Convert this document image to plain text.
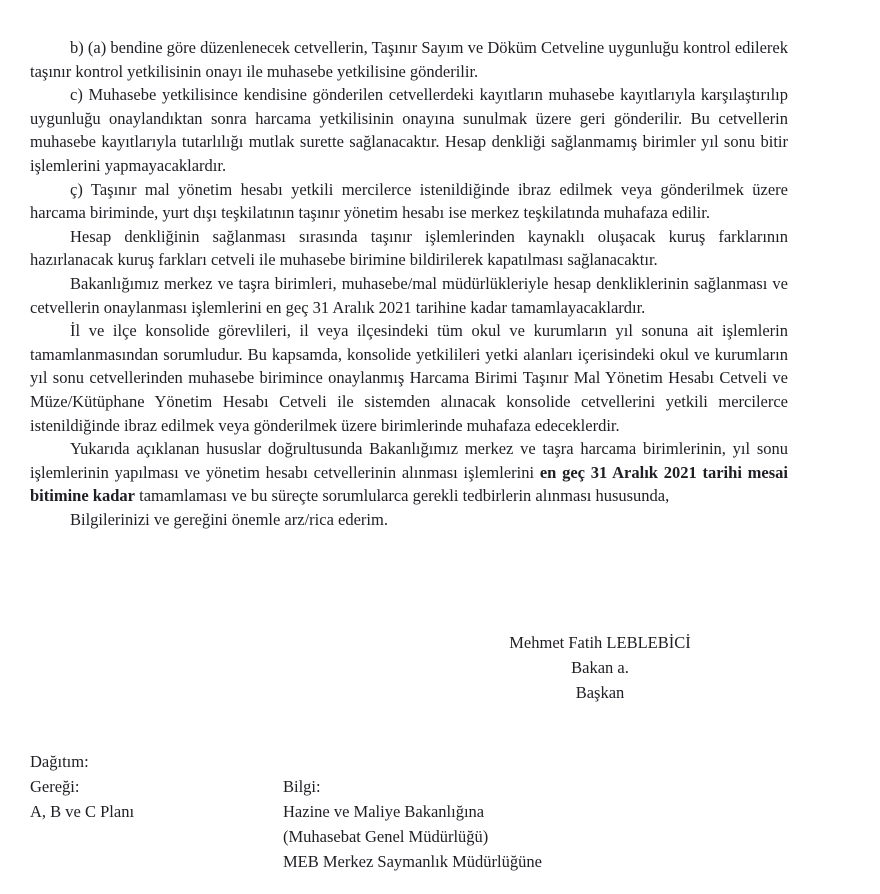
b) (a) bendine göre düzenlenecek cetvellerin, Taşınır Sayım ve Döküm Cetveline uygunluğu kontrol edilerek taşınır kontrol yetkilisinin onayı ile muhasebe yetkilisine gönderilir.

c) Muhasebe yetkilisince kendisine gönderilen cetvellerdeki kayıtların muhasebe kayıtlarıyla karşılaştırılıp uygunluğu onaylandıktan sonra harcama yetkilisinin onayına sunulmak üzere geri gönderilir. Bu cetvellerin muhasebe kayıtlarıyla tutarlılığı mutlak surette sağlanacaktır. Hesap denkliği sağlanmamış birimler yıl sonu bitir işlemlerini yapmayacaklardır.

ç) Taşınır mal yönetim hesabı yetkili mercilerce istenildiğinde ibraz edilmek veya gönderilmek üzere harcama biriminde, yurt dışı teşkilatının taşınır yönetim hesabı ise merkez teşkilatında muhafaza edilir.

Hesap denkliğinin sağlanması sırasında taşınır işlemlerinden kaynaklı oluşacak kuruş farklarının hazırlanacak kuruş farkları cetveli ile muhasebe birimine bildirilerek kapatılması sağlanacaktır.

Bakanlığımız merkez ve taşra birimleri, muhasebe/mal müdürlükleriyle hesap denkliklerinin sağlanması ve cetvellerin onaylanması işlemlerini en geç 31 Aralık 2021 tarihine kadar tamamlayacaklardır.

İl ve ilçe konsolide görevlileri, il veya ilçesindeki tüm okul ve kurumların yıl sonuna ait işlemlerin tamamlanmasından sorumludur. Bu kapsamda, konsolide yetkilileri yetki alanları içerisindeki okul ve kurumların yıl sonu cetvellerinden muhasebe birimince onaylanmış Harcama Birimi Taşınır Mal Yönetim Hesabı Cetveli ve Müze/Kütüphane Yönetim Hesabı Cetveli ile sistemden alınacak konsolide cetvellerini yetkili mercilerce istenildiğinde ibraz edilmek veya gönderilmek üzere birimlerinde muhafaza edeceklerdir.

Yukarıda açıklanan hususlar doğrultusunda Bakanlığımız merkez ve taşra harcama birimlerinin, yıl sonu işlemlerinin yapılması ve yönetim hesabı cetvellerinin alınması işlemlerini en geç 31 Aralık 2021 tarihi mesai bitimine kadar tamamlaması ve bu süreçte sorumlularca gerekli tedbirlerin alınması hususunda,

Bilgilerinizi ve gereğini önemle arz/rica ederim.

Mehmet Fatih LEBLEBİCİ
Bakan a.
Başkan
Dağıtım:
Gereği:
A, B ve C Planı
Bilgi:
Hazine ve Maliye Bakanlığına
(Muhasebat Genel Müdürlüğü)
MEB Merkez Saymanlık Müdürlüğüne
